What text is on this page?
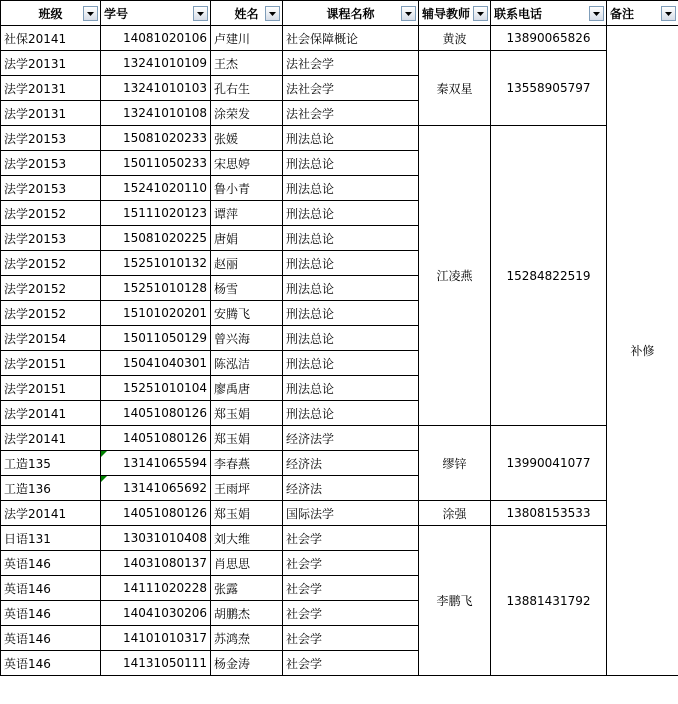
班级	学号	姓名	课程名称	辅导教师	联系电话	备注

社保20141	14081020106	卢建川	社会保障概论	黄波	13890065826	补修
法学20131	13241010109	王杰	法社会学	秦双星	13558905797	
法学20131	13241010103	孔右生	法社会学			
法学20131	13241010108	涂荣发	法社会学			
法学20153	15081020233	张媛	刑法总论	江凌燕	15284822519	
法学20153	15011050233	宋思婷	刑法总论			
法学20153	15241020110	鲁小青	刑法总论			
法学20152	15111020123	谭萍	刑法总论			
法学20153	15081020225	唐娟	刑法总论			
法学20152	15251010132	赵丽	刑法总论			
法学20152	15251010128	杨雪	刑法总论			
法学20152	15101020201	安腾飞	刑法总论			
法学20154	15011050129	曾兴海	刑法总论			
法学20151	15041040301	陈泓洁	刑法总论			
法学20151	15251010104	廖禹唐	刑法总论			
法学20141	14051080126	郑玉娟	刑法总论			
法学20141	14051080126	郑玉娟	经济法学	缪锌	13990041077	
工造135	13141065594	李春燕	经济法			
工造136	13141065692	王雨坪	经济法			
法学20141	14051080126	郑玉娟	国际法学	涂强	13808153533	
日语131	13031010408	刘大维	社会学	李鹏飞	13881431792	
英语146	14031080137	肖思思	社会学			
英语146	14111020228	张露	社会学			
英语146	14041030206	胡鹏杰	社会学			
英语146	14101010317	苏鸿焘	社会学			
英语146	14131050111	杨金涛	社会学			
